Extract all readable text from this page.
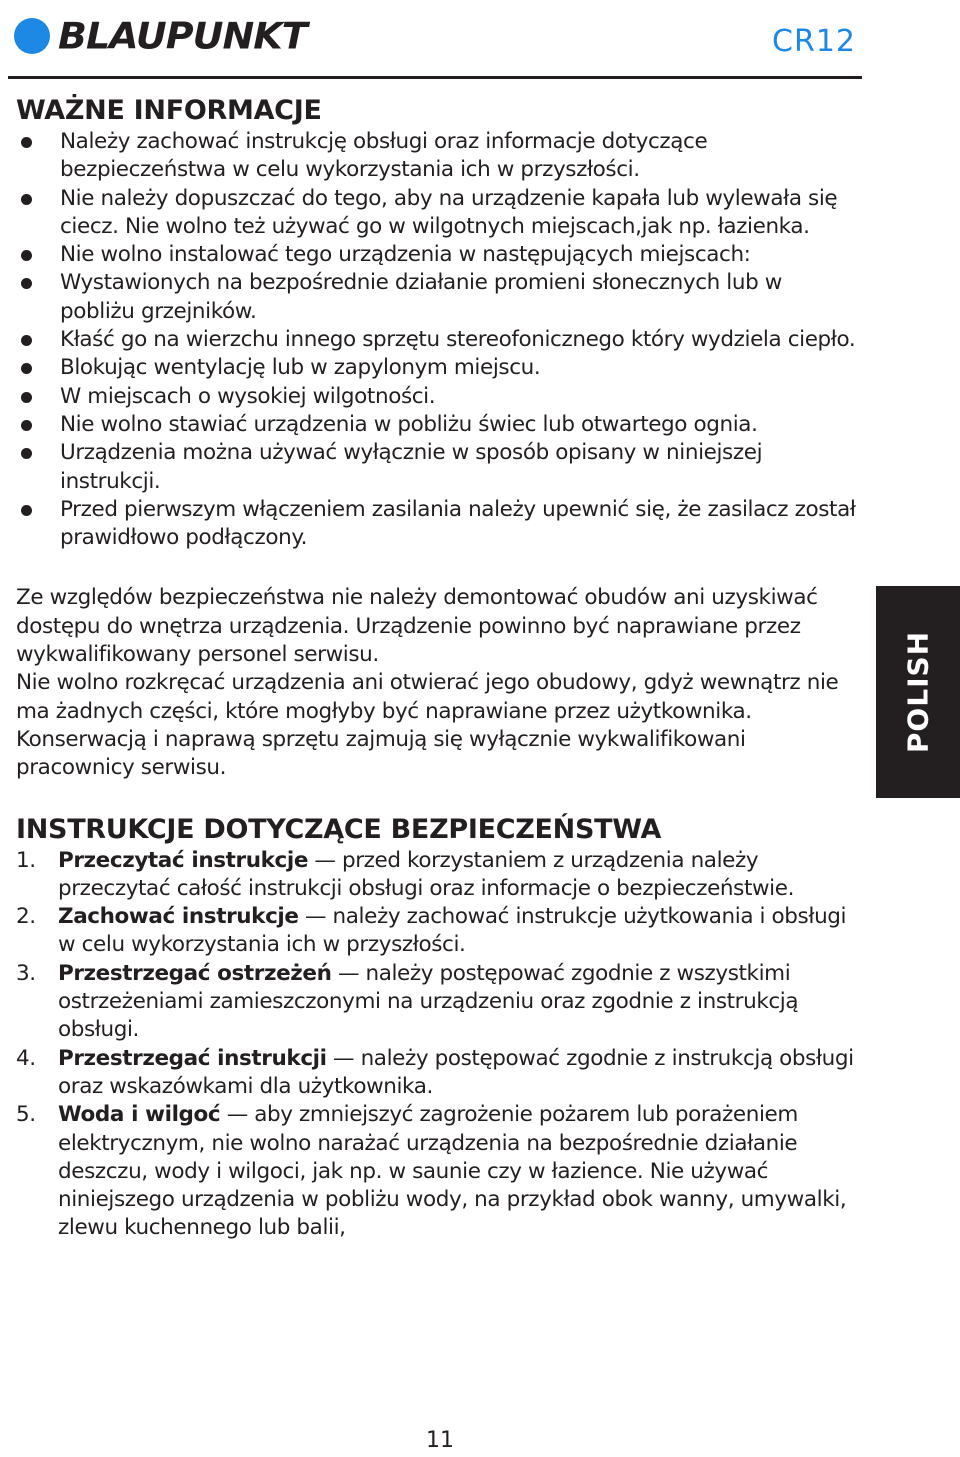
BLAUPUNKT	CR12
WAŻNE INFORMACJE
Należy zachować instrukcję obsługi oraz informacje dotyczące bezpieczeństwa w celu wykorzystania ich w przyszłości.
Nie należy dopuszczać do tego, aby na urządzenie kapała lub wylewała się ciecz. Nie wolno też używać go w wilgotnych miejscach,jak np. łazienka.
Nie wolno instalować tego urządzenia w następujących miejscach:
Wystawionych na bezpośrednie działanie promieni słonecznych lub w pobliżu grzejników.
Kłaść go na wierzchu innego sprzętu stereofonicznego który wydziela ciepło.
Blokując wentylację lub w zapylonym miejscu.
W miejscach o wysokiej wilgotności.
Nie wolno stawiać urządzenia w pobliżu świec lub otwartego ognia.
Urządzenia można używać wyłącznie w sposób opisany w niniejszej instrukcji.
Przed pierwszym włączeniem zasilania należy upewnić się, że zasilacz został prawidłowo podłączony.

Ze względów bezpieczeństwa nie należy demontować obudów ani uzyskiwać dostępu do wnętrza urządzenia. Urządzenie powinno być naprawiane przez wykwalifikowany personel serwisu.

Nie wolno rozkręcać urządzenia ani otwierać jego obudowy, gdyż wewnątrz nie ma żadnych części, które mogłyby być naprawiane przez użytkownika. Konserwacją i naprawą sprzętu zajmują się wyłącznie wykwalifikowani pracownicy serwisu.

INSTRUKCJE DOTYCZĄCE BEZPIECZEŃSTWA
1. Przeczytać instrukcje — przed korzystaniem z urządzenia należy przeczytać całość instrukcji obsługi oraz informacje o bezpieczeństwie.
2. Zachować instrukcje — należy zachować instrukcje użytkowania i obsługi w celu wykorzystania ich w przyszłości.
3. Przestrzegać ostrzeżeń — należy postępować zgodnie z wszystkimi ostrzeżeniami zamieszczonymi na urządzeniu oraz zgodnie z instrukcją obsługi.
4. Przestrzegać instrukcji — należy postępować zgodnie z instrukcją obsługi oraz wskazówkami dla użytkownika.
5. Woda i wilgoć — aby zmniejszyć zagrożenie pożarem lub porażeniem elektrycznym, nie wolno narażać urządzenia na bezpośrednie działanie deszczu, wody i wilgoci, jak np. w saunie czy w łazience. Nie używać niniejszego urządzenia w pobliżu wody, na przykład obok wanny, umywalki, zlewu kuchennego lub balii,
POLISH
11
